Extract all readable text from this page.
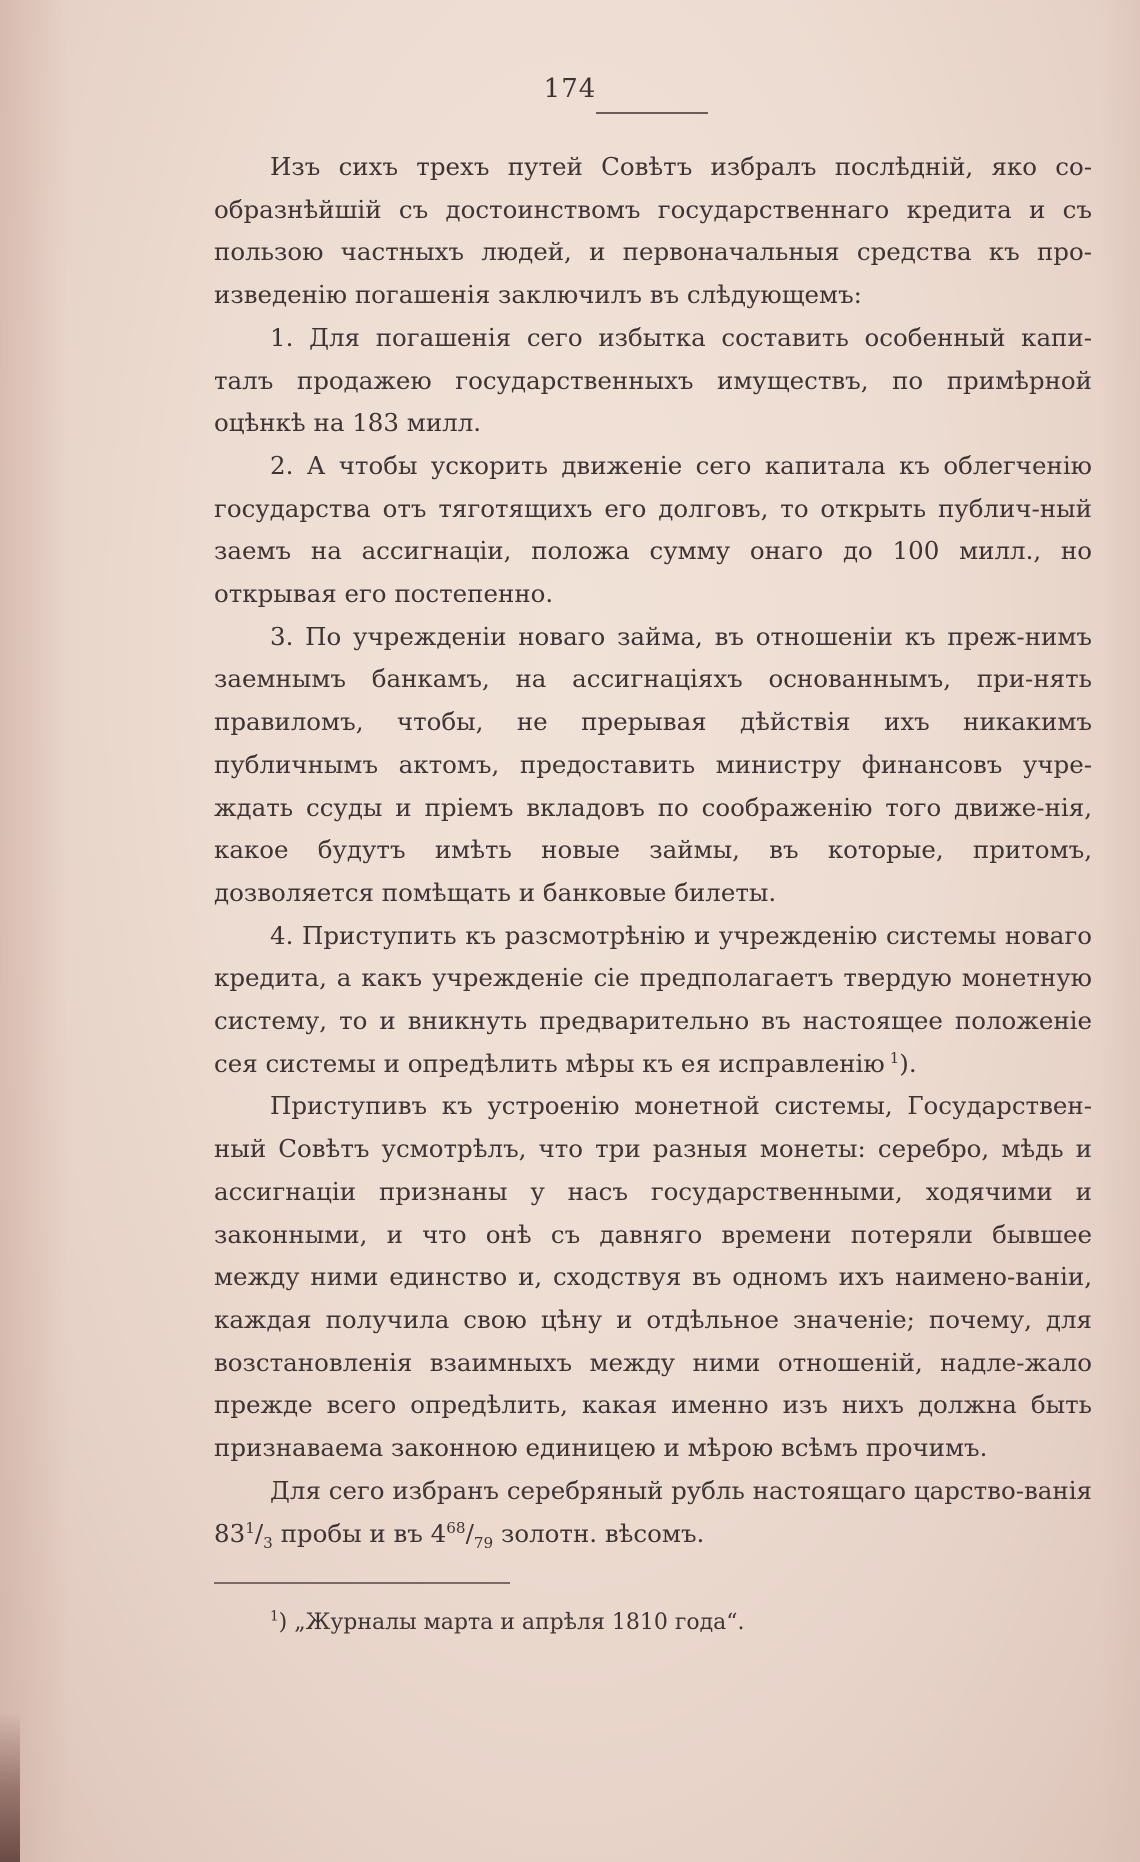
174

Изъ сихъ трехъ путей Совѣтъ избралъ послѣдній, яко со-образнѣйшій съ достоинствомъ государственнаго кредита и съ пользою частныхъ людей, и первоначальныя средства къ про-изведенію погашенія заключилъ въ слѣдующемъ:

1. Для погашенія сего избытка составить особенный капи-талъ продажею государственныхъ имуществъ, по примѣрной оцѣнкѣ на 183 милл.

2. А чтобы ускорить движеніе сего капитала къ облегченію государства отъ тяготящихъ его долговъ, то открыть публич-ный заемъ на ассигнаціи, положа сумму онаго до 100 милл., но открывая его постепенно.

3. По учрежденіи новаго займа, въ отношеніи къ преж-нимъ заемнымъ банкамъ, на ассигнаціяхъ основаннымъ, при-нять правиломъ, чтобы, не прерывая дѣйствія ихъ никакимъ публичнымъ актомъ, предоставить министру финансовъ учре-ждать ссуды и пріемъ вкладовъ по соображенію того движе-нія, какое будутъ имѣть новые займы, въ которые, притомъ, дозволяется помѣщать и банковые билеты.

4. Приступить къ разсмотрѣнію и учрежденію системы новаго кредита, а какъ учрежденіе сіе предполагаетъ твердую монетную систему, то и вникнуть предварительно въ настоящее положеніе сея системы и опредѣлить мѣры къ ея исправленію  $^1$).

Приступивъ къ устроенію монетной системы, Государствен-ный Совѣтъ усмотрѣлъ, что три разныя монеты: серебро, мѣдь и ассигнаціи признаны у насъ государственными, ходячими и законными, и что онѣ съ давняго времени потеряли бывшее между ними единство и, сходствуя въ одномъ ихъ наимено-ваніи, каждая получила свою цѣну и отдѣльное значеніе; почему, для возстановленія взаимныхъ между ними отношеній, надле-жало прежде всего опредѣлить, какая именно изъ нихъ должна быть признаваема законною единицею и мѣрою всѣмъ прочимъ.

Для сего избранъ серебряный рубль настоящаго царство-ванія $83^1/_3$ пробы и въ $4^{68}/_{79}$ золотн. вѣсомъ.

$^1$) „Журналы марта и апрѣля 1810 года“.
